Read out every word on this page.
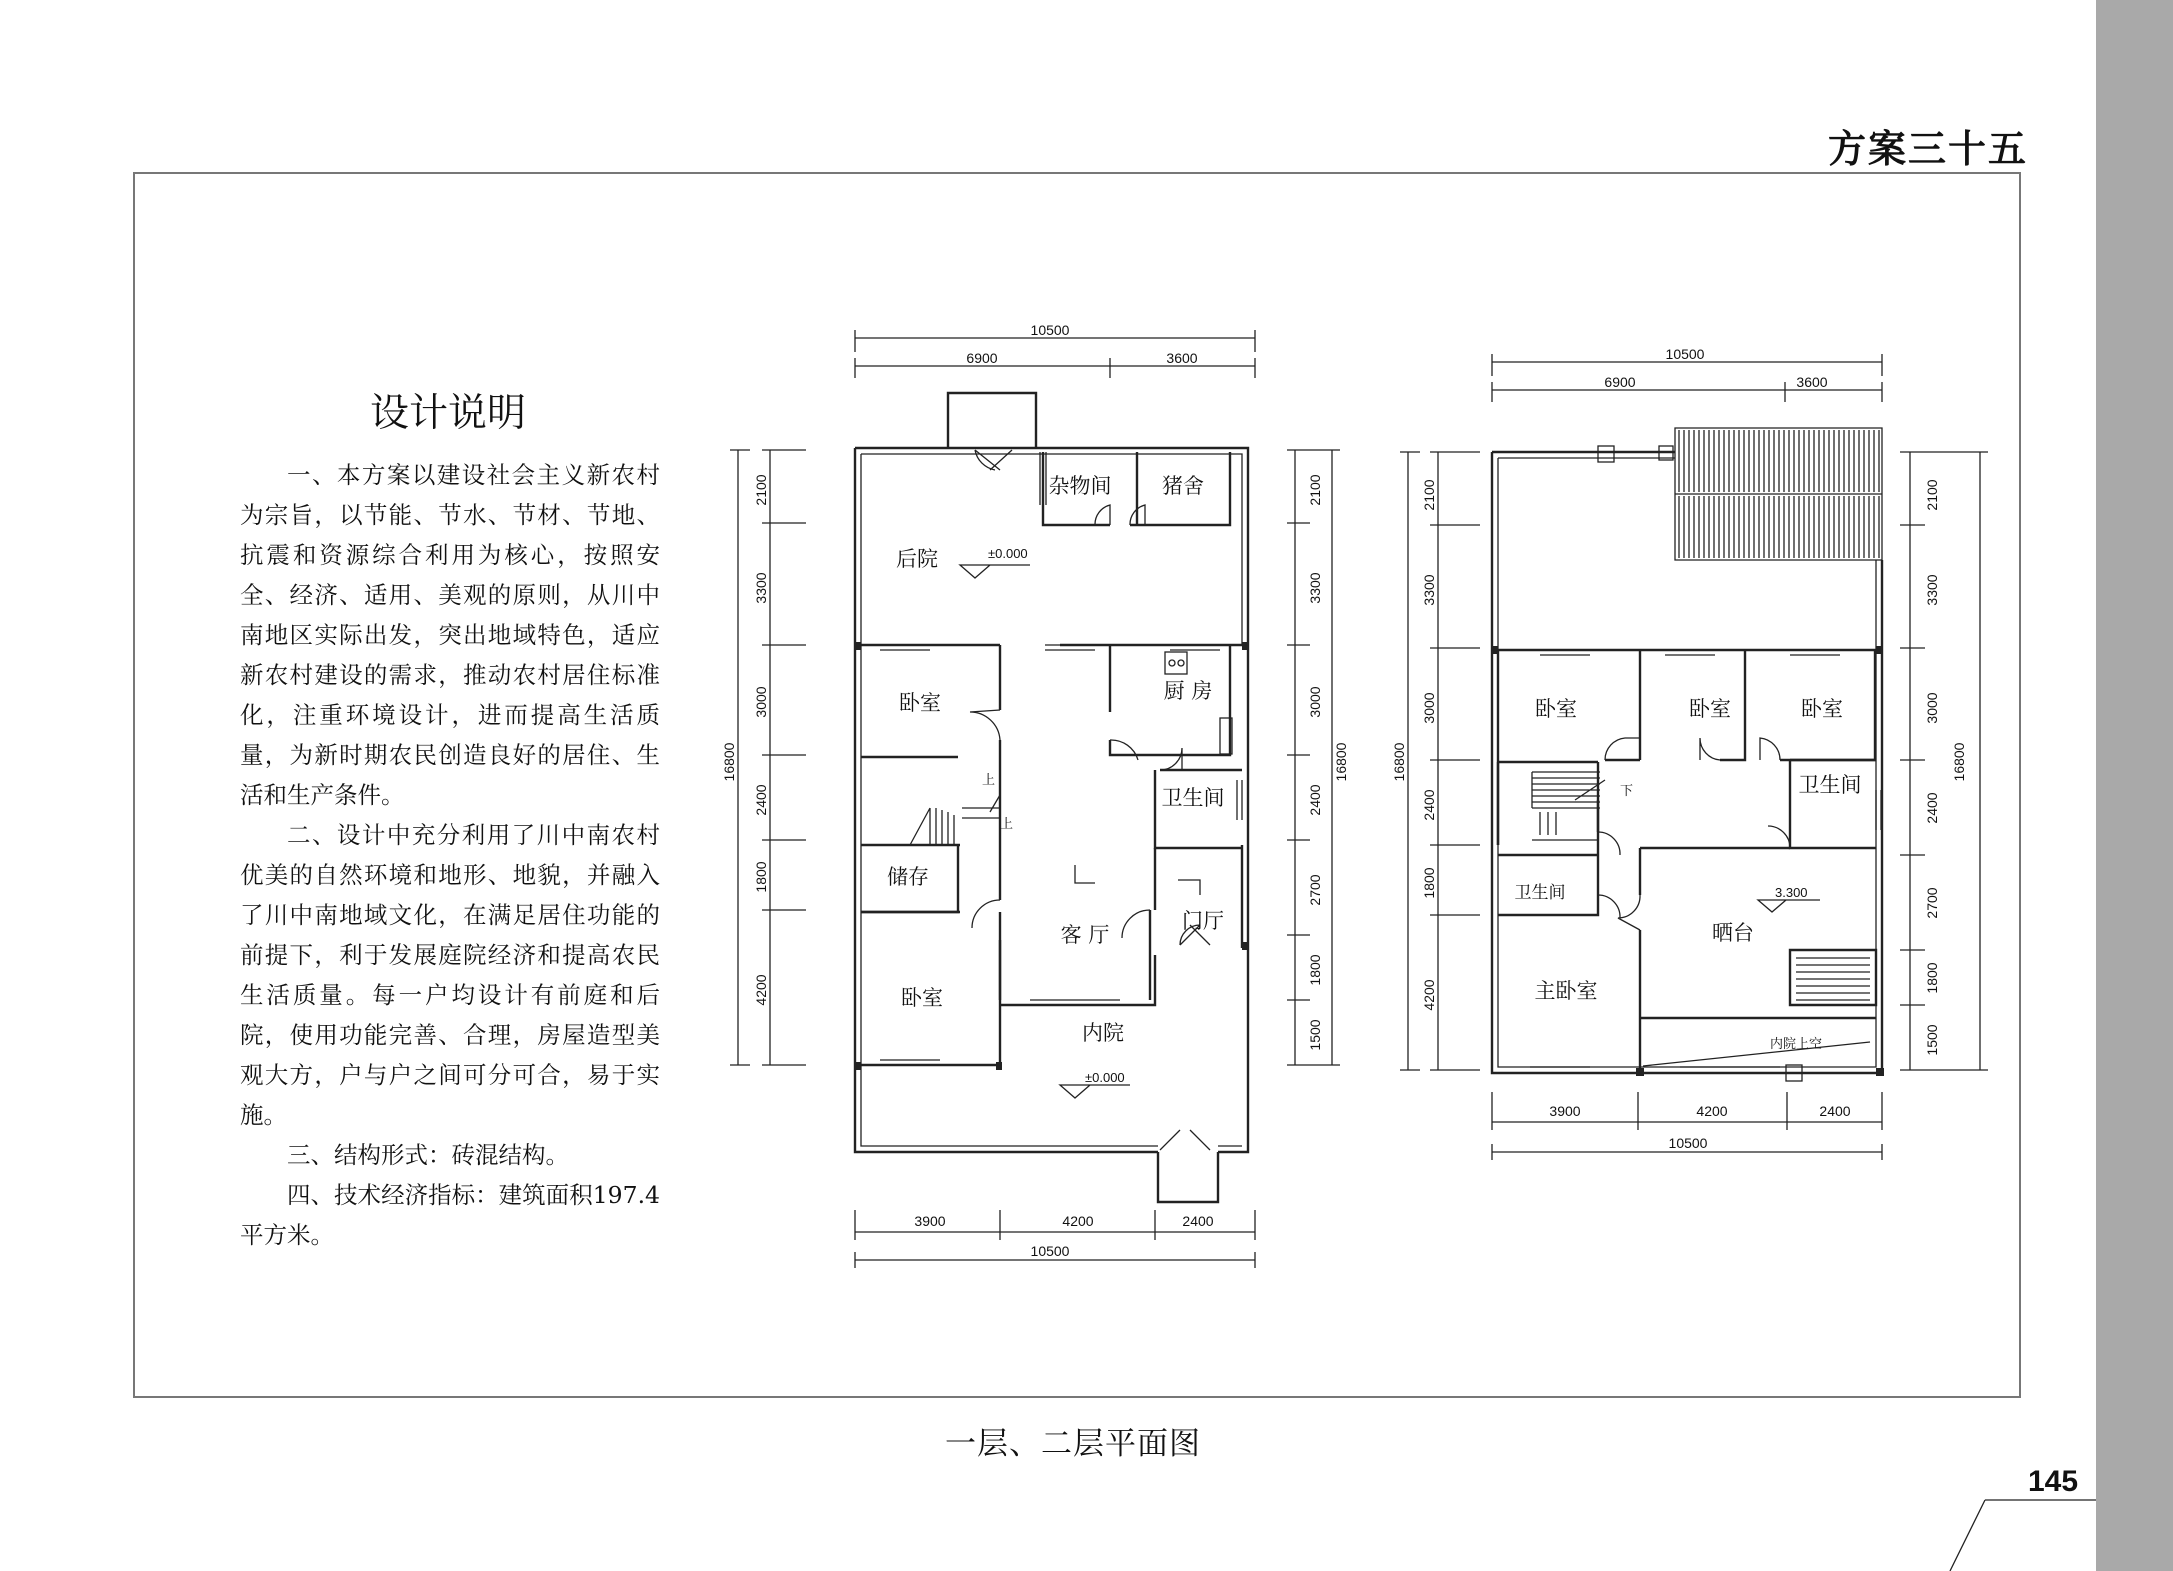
方案三十五
设计说明

一、本方案以建设社会主义新农村为宗旨，以节能、节水、节材、节地、抗震和资源综合利用为核心，按照安全、经济、适用、美观的原则，从川中南地区实际出发，突出地域特色，适应新农村建设的需求，推动农村居住标准化，注重环境设计，进而提高生活质量，为新时期农民创造良好的居住、生活和生产条件。

二、设计中充分利用了川中南农村优美的自然环境和地形、地貌，并融入了川中南地域文化，在满足居住功能的前提下，利于发展庭院经济和提高农民生活质量。每一户均设计有前庭和后院，使用功能完善、合理，房屋造型美观大方，户与户之间可分可合，易于实施。

三、结构形式：砖混结构。

四、技术经济指标：建筑面积197.4平方米。

一层、二层平面图
145
10500
6900	3600
16800
2100
3300
3000
2400
1800
4200
2100
3300
3000
2400
2700
1800
1500
16800
3900	4200	2400
10500
上
上
±0.000
±0.000
杂物间 猪舍
后院
卧室	厨 房
卫生间
储存
客 厅
门厅
卧室
内院
10500
6900	3600
16800
2100
3300
3000
2400
1800
4200
2100
3300
3000
2400
2700
1800
1500
16800
3900	4200	2400
10500
下
内院上空
3.300
卧室	卧室	卧室
卫生间
卫生间
晒台
主卧室
